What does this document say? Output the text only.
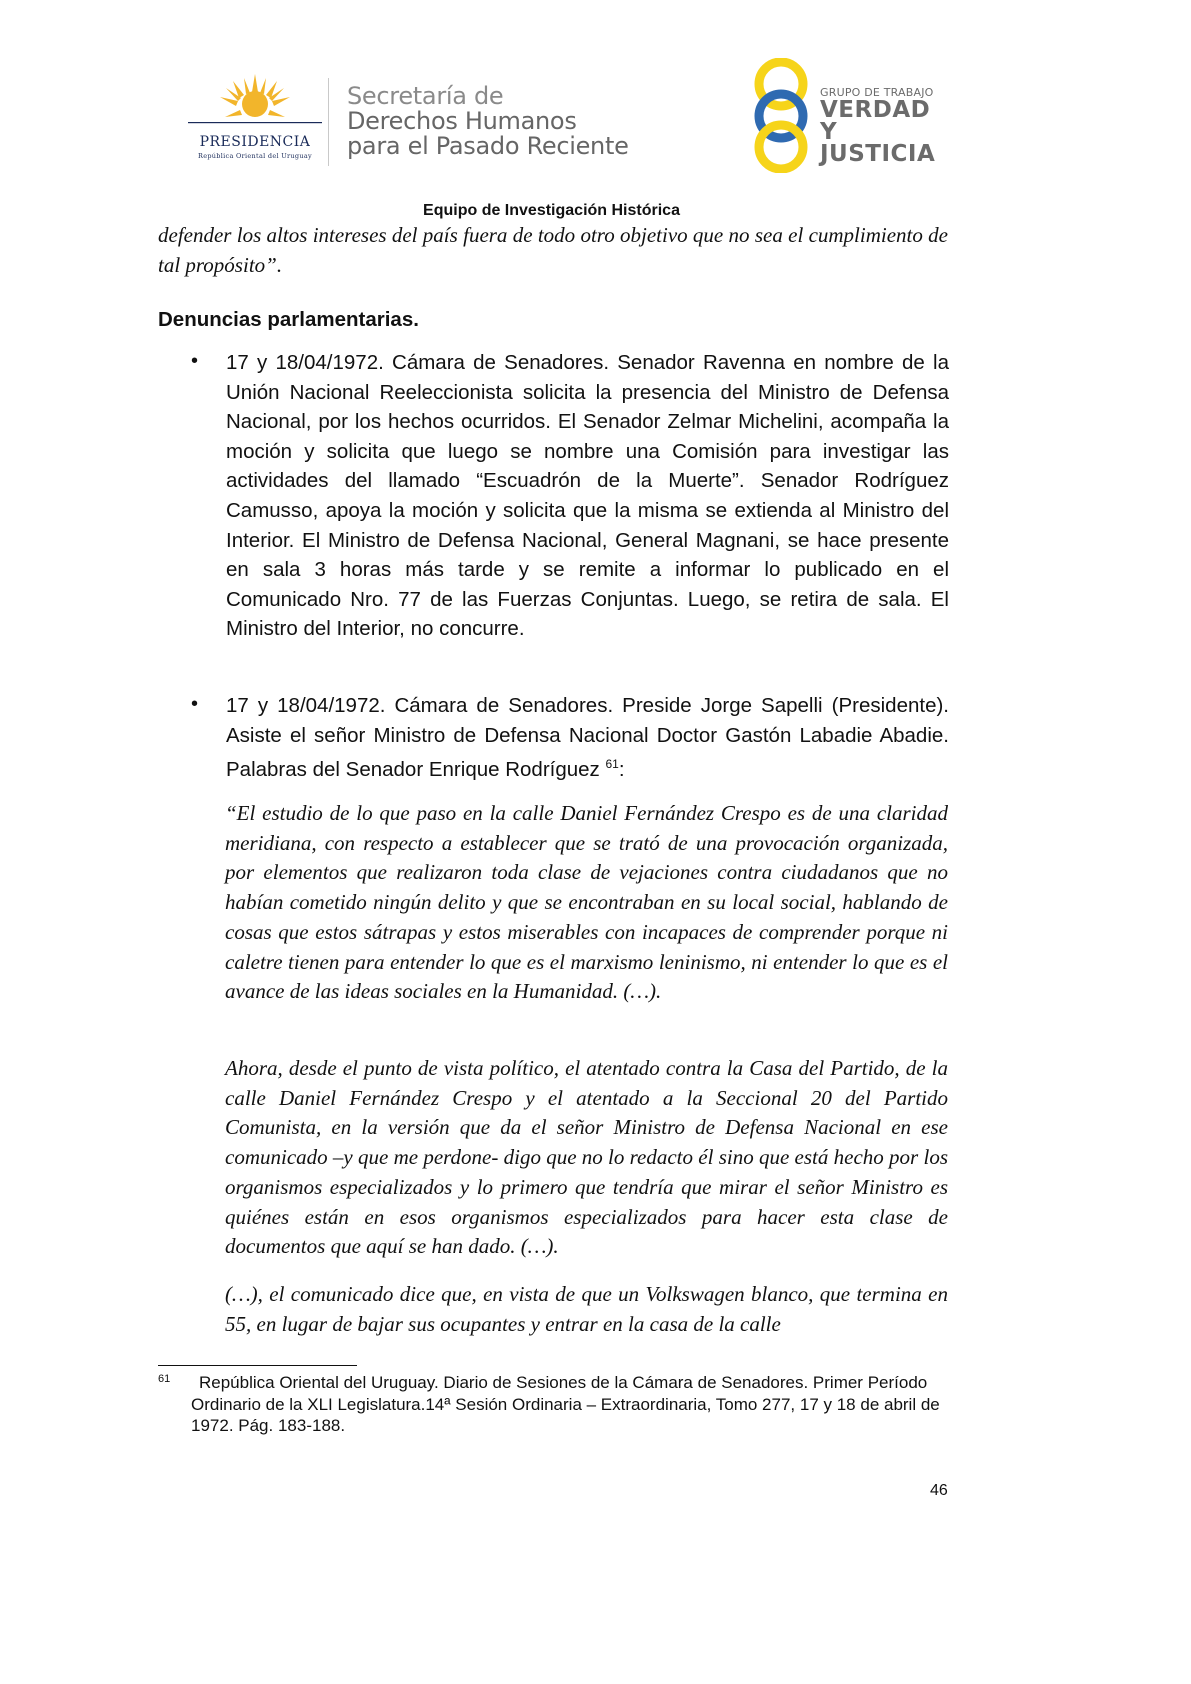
PRESIDENCIA
República Oriental del Uruguay
Secretaría de
Derechos Humanos
para el Pasado Reciente
GRUPO DE TRABAJO
VERDAD Y
JUSTICIA
Equipo de Investigación Histórica
defender los altos intereses del país fuera de todo otro objetivo que no sea el cumplimiento de tal propósito”.
Denuncias parlamentarias.
• 17 y 18/04/1972. Cámara de Senadores. Senador Ravenna en nombre de la Unión Nacional Reeleccionista solicita la presencia del Ministro de Defensa Nacional, por los hechos ocurridos. El Senador Zelmar Michelini, acompaña la moción y solicita que luego se nombre una Comisión para investigar las actividades del llamado “Escuadrón de la Muerte”. Senador Rodríguez Camusso, apoya la moción y solicita que la misma se extienda al Ministro del Interior. El Ministro de Defensa Nacional, General Magnani, se hace presente en sala 3 horas más tarde y se remite a informar lo publicado en el Comunicado Nro. 77 de las Fuerzas Conjuntas. Luego, se retira de sala. El Ministro del Interior, no concurre.
• 17 y 18/04/1972. Cámara de Senadores. Preside Jorge Sapelli (Presidente). Asiste el señor Ministro de Defensa Nacional Doctor Gastón Labadie Abadie. Palabras del Senador Enrique Rodríguez $^{61}$:
“El estudio de lo que paso en la calle Daniel Fernández Crespo es de una claridad meridiana, con respecto a establecer que se trató de una provocación organizada, por elementos que realizaron toda clase de vejaciones contra ciudadanos que no habían cometido ningún delito y que se encontraban en su local social, hablando de cosas que estos sátrapas y estos miserables con incapaces de comprender porque ni caletre tienen para entender lo que es el marxismo leninismo, ni entender lo que es el avance de las ideas sociales en la Humanidad. (…).
Ahora, desde el punto de vista político, el atentado contra la Casa del Partido, de la calle Daniel Fernández Crespo y el atentado a la Seccional 20 del Partido Comunista, en la versión que da el señor Ministro de Defensa Nacional en ese comunicado –y que me perdone- digo que no lo redacto él sino que está hecho por los organismos especializados y lo primero que tendría que mirar el señor Ministro es quiénes están en esos organismos especializados para hacer esta clase de documentos que aquí se han dado. (…).
(…), el comunicado dice que, en vista de que un Volkswagen blanco, que termina en 55, en lugar de bajar sus ocupantes y entrar en la casa de la calle
61	República Oriental del Uruguay. Diario de Sesiones de la Cámara de Senadores. Primer Período Ordinario de la XLI Legislatura.14ª Sesión Ordinaria – Extraordinaria, Tomo 277, 17 y 18 de abril de 1972. Pág. 183-188.
46
